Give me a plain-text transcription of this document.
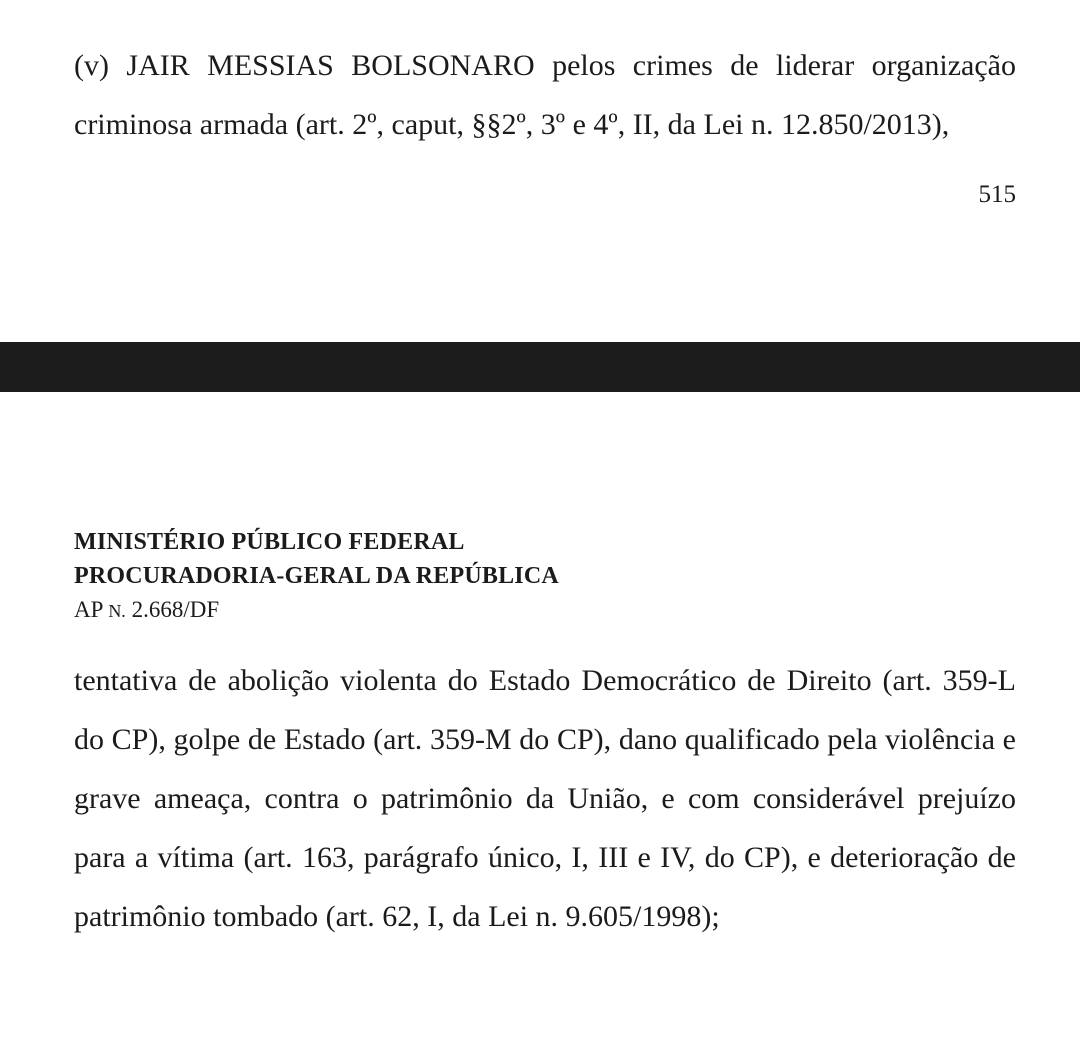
(v) JAIR MESSIAS BOLSONARO pelos crimes de liderar organização criminosa armada (art. 2º, caput, §§2º, 3º e 4º, II, da Lei n. 12.850/2013),

515
MINISTÉRIO PÚBLICO FEDERAL
PROCURADORIA-GERAL DA REPÚBLICA
AP N. 2.668/DF

tentativa de abolição violenta do Estado Democrático de Direito (art. 359-L do CP), golpe de Estado (art. 359-M do CP), dano qualificado pela violência e grave ameaça, contra o patrimônio da União, e com considerável prejuízo para a vítima (art. 163, parágrafo único, I, III e IV, do CP), e deterioração de patrimônio tombado (art. 62, I, da Lei n. 9.605/1998);
